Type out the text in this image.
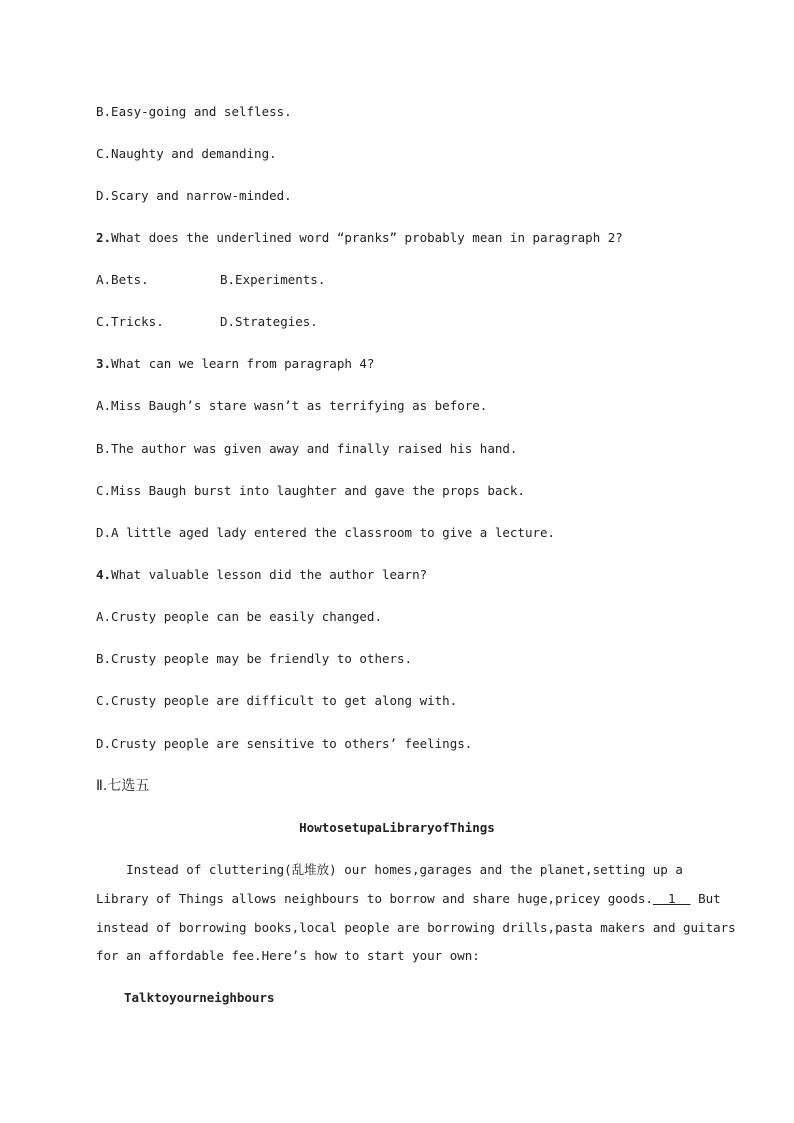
B.Easy-going and selfless.
C.Naughty and demanding.
D.Scary and narrow-minded.
2.What does the underlined word “pranks” probably mean in paragraph 2?
A.Bets.	B.Experiments.
C.Tricks.	D.Strategies.
3.What can we learn from paragraph 4?
A.Miss Baugh’s stare wasn’t as terrifying as before.
B.The author was given away and finally raised his hand.
C.Miss Baugh burst into laughter and gave the props back.
D.A little aged lady entered the classroom to give a lecture.
4.What valuable lesson did the author learn?
A.Crusty people can be easily changed.
B.Crusty people may be friendly to others.
C.Crusty people are difficult to get along with.
D.Crusty people are sensitive to others’ feelings.
Ⅱ.七选五
HowtosetupaLibraryofThings
Instead of cluttering(乱堆放) our homes,garages and the planet,setting up a
Library of Things allows neighbours to borrow and share huge,pricey goods.  1   But
instead of borrowing books,local people are borrowing drills,pasta makers and guitars
for an affordable fee.Here’s how to start your own:
Talktoyourneighbours
